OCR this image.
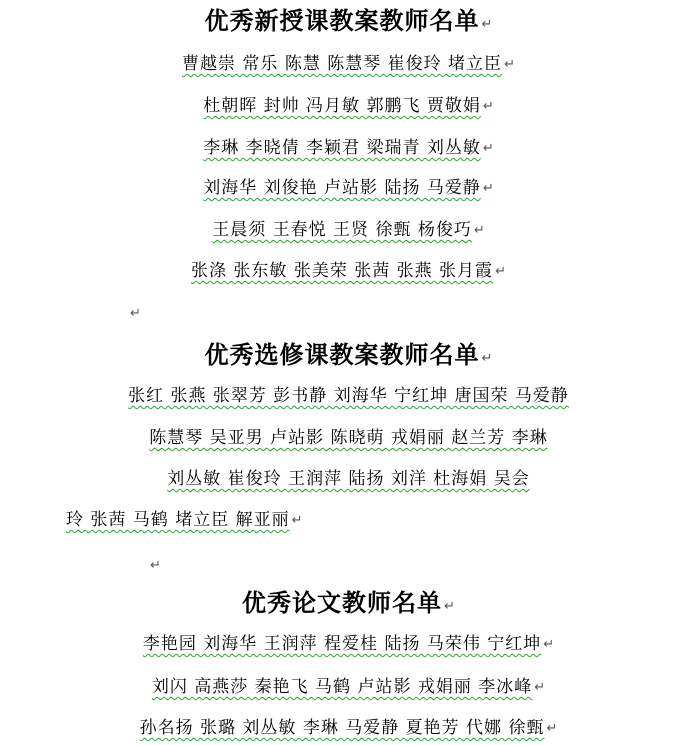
优秀新授课教案教师名单 ↵
曹越崇 常乐 陈慧 陈慧琴 崔俊玲 堵立臣 ↵
杜朝晖 封帅 冯月敏 郭鹏飞 贾敬娟 ↵
李琳 李晓倩 李颖君 梁瑞青 刘丛敏 ↵
刘海华 刘俊艳 卢站影 陆扬 马爱静 ↵
王晨须 王春悦 王贤 徐甄 杨俊巧 ↵
张涤 张东敏 张美荣 张茜 张燕 张月霞 ↵
↵
优秀选修课教案教师名单 ↵
张红 张燕 张翠芳 彭书静 刘海华 宁红坤 唐国荣 马爱静
陈慧琴 吴亚男 卢站影 陈晓萌 戎娟丽 赵兰芳 李琳
刘丛敏 崔俊玲 王润萍 陆扬 刘洋 杜海娟 吴会
玲 张茜 马鹤 堵立臣 解亚丽 ↵
↵
优秀论文教师名单 ↵
李艳园 刘海华 王润萍 程爱桂 陆扬 马荣伟 宁红坤 ↵
刘闪 高燕莎 秦艳飞 马鹤 卢站影 戎娟丽 李冰峰 ↵
孙名扬 张璐 刘丛敏 李琳 马爱静 夏艳芳 代娜 徐甄 ↵
